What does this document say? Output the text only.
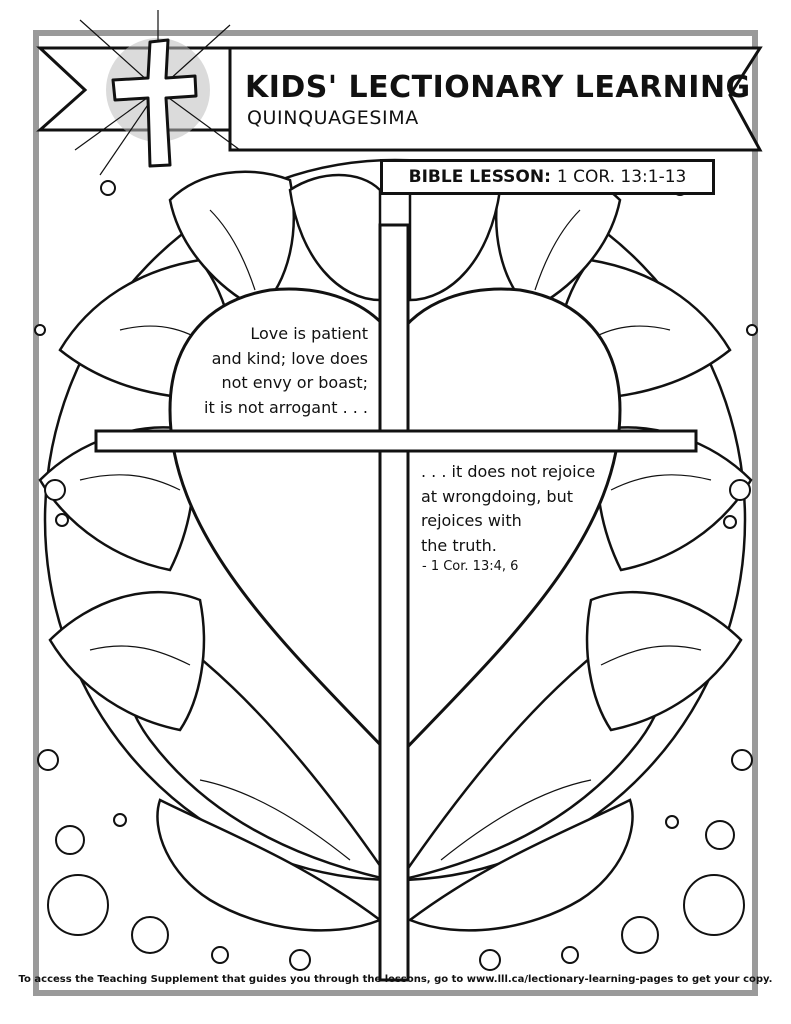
KIDS' LECTIONARY LEARNING
QUINQUAGESIMA
BIBLE LESSON: 1 COR. 13:1-13
Love is patient
and kind; love does
not envy or boast;
it is not arrogant . . .
. . . it does not rejoice
at wrongdoing, but
rejoices with
the truth.
- 1 Cor. 13:4, 6
To access the Teaching Supplement that guides you through the lessons, go to www.lll.ca/lectionary-learning-pages to get your copy.
